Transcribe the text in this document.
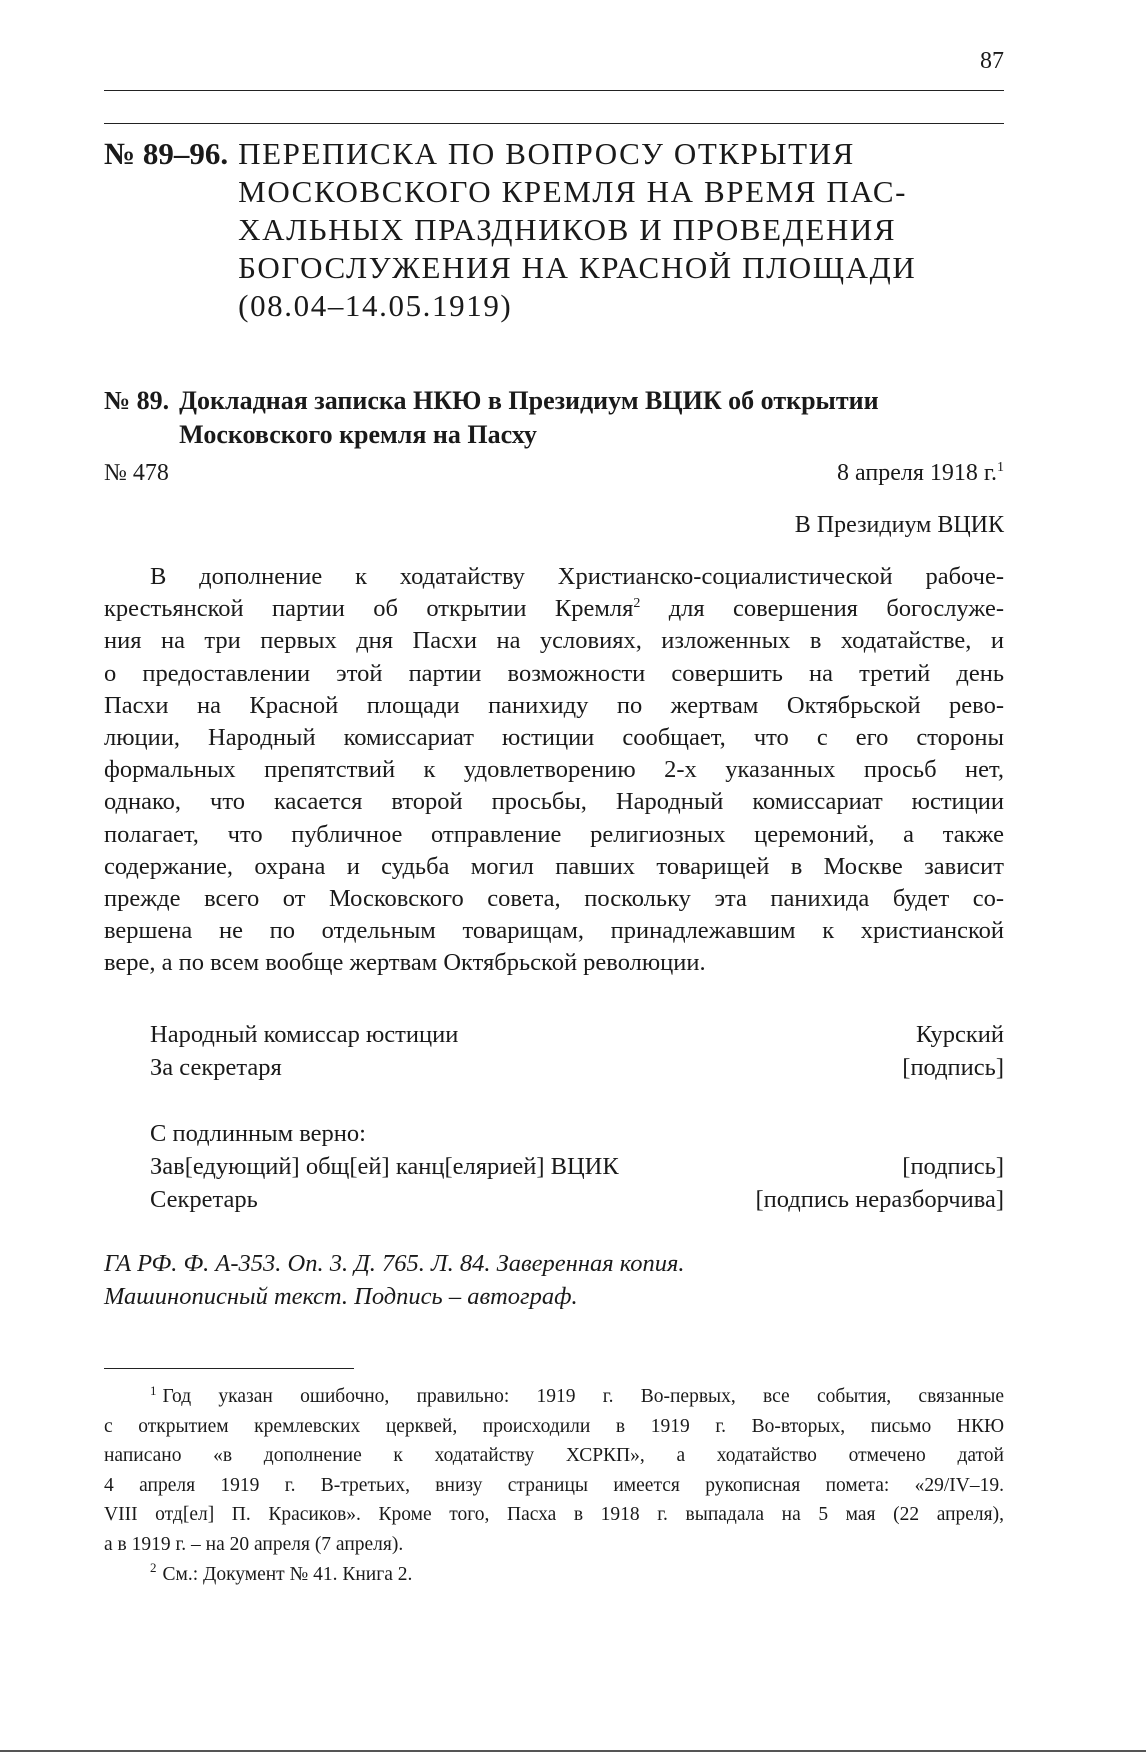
87
№ 89–96. ПЕРЕПИСКА ПО ВОПРОСУ ОТКРЫТИЯ
МОСКОВСКОГО КРЕМЛЯ НА ВРЕМЯ ПАС-
ХАЛЬНЫХ ПРАЗДНИКОВ И ПРОВЕДЕНИЯ
БОГОСЛУЖЕНИЯ НА КРАСНОЙ ПЛОЩАДИ
(08.04–14.05.1919)
№ 89. Докладная записка НКЮ в Президиум ВЦИК об открытии
Московского кремля на Пасху
№ 478	8 апреля 1918 г.$^1$
В Президиум ВЦИК
В дополнение к ходатайству Христианско-социалистической рабоче-
крестьянской партии об открытии Кремля$^2$ для совершения богослуже-
ния на три первых дня Пасхи на условиях, изложенных в ходатайстве, и
о предоставлении этой партии возможности совершить на третий день
Пасхи на Красной площади панихиду по жертвам Октябрьской рево-
люции, Народный комиссариат юстиции сообщает, что с его стороны
формальных препятствий к удовлетворению 2-х указанных просьб нет,
однако, что касается второй просьбы, Народный комиссариат юстиции
полагает, что публичное отправление религиозных церемоний, а также
содержание, охрана и судьба могил павших товарищей в Москве зависит
прежде всего от Московского совета, поскольку эта панихида будет со-
вершена не по отдельным товарищам, принадлежавшим к христианской
вере, а по всем вообще жертвам Октябрьской революции.
Народный комиссар юстиции	Курский
За секретаря	[подпись]
С подлинным верно:
Зав[едующий] общ[ей] канц[елярией] ВЦИК	[подпись]
Секретарь	[подпись неразборчива]
ГА РФ. Ф. А-353. Оп. 3. Д. 765. Л. 84. Заверенная копия.
Машинописный текст. Подпись – автограф.
$^1$ Год указан ошибочно, правильно: 1919 г. Во-первых, все события, связанные
с открытием кремлевских церквей, происходили в 1919 г. Во-вторых, письмо НКЮ
написано «в дополнение к ходатайству ХСРКП», а ходатайство отмечено датой
4 апреля 1919 г. В-третьих, внизу страницы имеется рукописная помета: «29/IV–19.
VIII отд[ел] П. Красиков». Кроме того, Пасха в 1918 г. выпадала на 5 мая (22 апреля),
а в 1919 г. – на 20 апреля (7 апреля).
$^2$ См.: Документ № 41. Книга 2.
